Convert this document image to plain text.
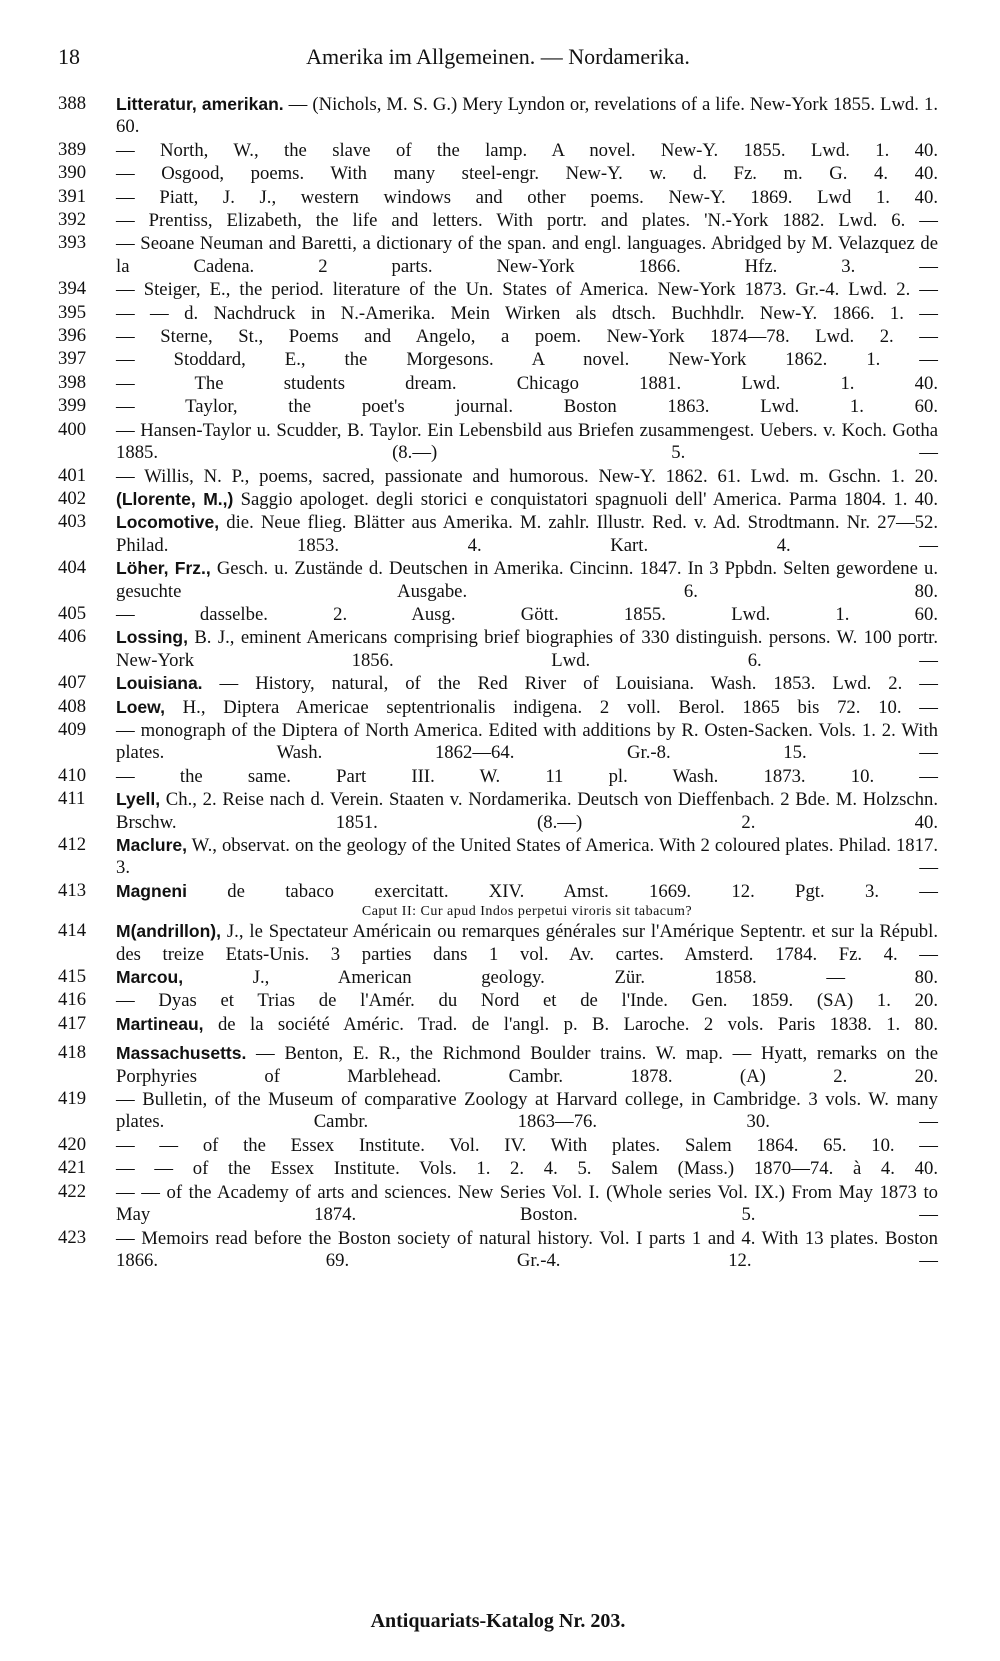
18	Amerika im Allgemeinen. — Nordamerika.
388	Litteratur, amerikan. — (Nichols, M. S. G.) Mery Lyndon or, revelations of a life. New-York 1855. Lwd. 1. 60.
389	— North, W., the slave of the lamp. A novel. New-Y. 1855. Lwd. 1. 40.
390	— Osgood, poems. With many steel-engr. New-Y. w. d. Fz. m. G. 4. 40.
391	— Piatt, J. J., western windows and other poems. New-Y. 1869. Lwd 1. 40.
392	— Prentiss, Elizabeth, the life and letters. With portr. and plates. 'N.-York 1882. Lwd. 6. —
393	— Seoane Neuman and Baretti, a dictionary of the span. and engl. languages. Abridged by M. Velazquez de la Cadena. 2 parts. New-York 1866. Hfz. 3. —
394	— Steiger, E., the period. literature of the Un. States of America. New-York 1873. Gr.-4. Lwd. 2. —
395	— — d. Nachdruck in N.-Amerika. Mein Wirken als dtsch. Buchhdlr. New-Y. 1866. 1. —
396	— Sterne, St., Poems and Angelo, a poem. New-York 1874—78. Lwd. 2. —
397	— Stoddard, E., the Morgesons. A novel. New-York 1862. 1. —
398	— The students dream. Chicago 1881. Lwd. 1. 40.
399	— Taylor, the poet's journal. Boston 1863. Lwd. 1. 60.
400	— Hansen-Taylor u. Scudder, B. Taylor. Ein Lebensbild aus Briefen zusammengest. Uebers. v. Koch. Gotha 1885. (8.—) 5. —
401	— Willis, N. P., poems, sacred, passionate and humorous. New-Y. 1862. 61. Lwd. m. Gschn. 1. 20.
402	(Llorente, M.,) Saggio apologet. degli storici e conquistatori spagnuoli dell' America. Parma 1804. 1. 40.
403	Locomotive, die. Neue flieg. Blätter aus Amerika. M. zahlr. Illustr. Red. v. Ad. Strodtmann. Nr. 27—52. Philad. 1853. 4. Kart. 4. —
404	Löher, Frz., Gesch. u. Zustände d. Deutschen in Amerika. Cincinn. 1847. In 3 Ppbdn. Selten gewordene u. gesuchte Ausgabe. 6. 80.
405	— dasselbe. 2. Ausg. Gött. 1855. Lwd. 1. 60.
406	Lossing, B. J., eminent Americans comprising brief biographies of 330 distinguish. persons. W. 100 portr. New-York 1856. Lwd. 6. —
407	Louisiana. — History, natural, of the Red River of Louisiana. Wash. 1853. Lwd. 2. —
408	Loew, H., Diptera Americae septentrionalis indigena. 2 voll. Berol. 1865 bis 72. 10. —
409	— monograph of the Diptera of North America. Edited with additions by R. Osten-Sacken. Vols. 1. 2. With plates. Wash. 1862—64. Gr.-8. 15. —
410	— the same. Part III. W. 11 pl. Wash. 1873. 10. —
411	Lyell, Ch., 2. Reise nach d. Verein. Staaten v. Nordamerika. Deutsch von Dieffenbach. 2 Bde. M. Holzschn. Brschw. 1851. (8.—) 2. 40.
412	Maclure, W., observat. on the geology of the United States of America. With 2 coloured plates. Philad. 1817. 3. —
413	Magneni de tabaco exercitatt. XIV. Amst. 1669. 12. Pgt. 3. —
Caput II: Cur apud Indos perpetui viroris sit tabacum?
414	M(andrillon), J., le Spectateur Américain ou remarques générales sur l'Amérique Septentr. et sur la Républ. des treize Etats-Unis. 3 parties dans 1 vol. Av. cartes. Amsterd. 1784. Fz. 4. —
415	Marcou, J., American geology. Zür. 1858. — 80.
416	— Dyas et Trias de l'Amér. du Nord et de l'Inde. Gen. 1859. (SA) 1. 20.
417	Martineau, de la société Améric. Trad. de l'angl. p. B. Laroche. 2 vols. Paris 1838. 1. 80.
418	Massachusetts. — Benton, E. R., the Richmond Boulder trains. W. map. — Hyatt, remarks on the Porphyries of Marblehead. Cambr. 1878. (A) 2. 20.
419	— Bulletin, of the Museum of comparative Zoology at Harvard college, in Cambridge. 3 vols. W. many plates. Cambr. 1863—76. 30. —
420	— — of the Essex Institute. Vol. IV. With plates. Salem 1864. 65. 10. —
421	— — of the Essex Institute. Vols. 1. 2. 4. 5. Salem (Mass.) 1870—74. à 4. 40.
422	— — of the Academy of arts and sciences. New Series Vol. I. (Whole series Vol. IX.) From May 1873 to May 1874. Boston. 5. —
423	— Memoirs read before the Boston society of natural history. Vol. I parts 1 and 4. With 13 plates. Boston 1866. 69. Gr.-4. 12. —
Antiquariats-Katalog Nr. 203.
